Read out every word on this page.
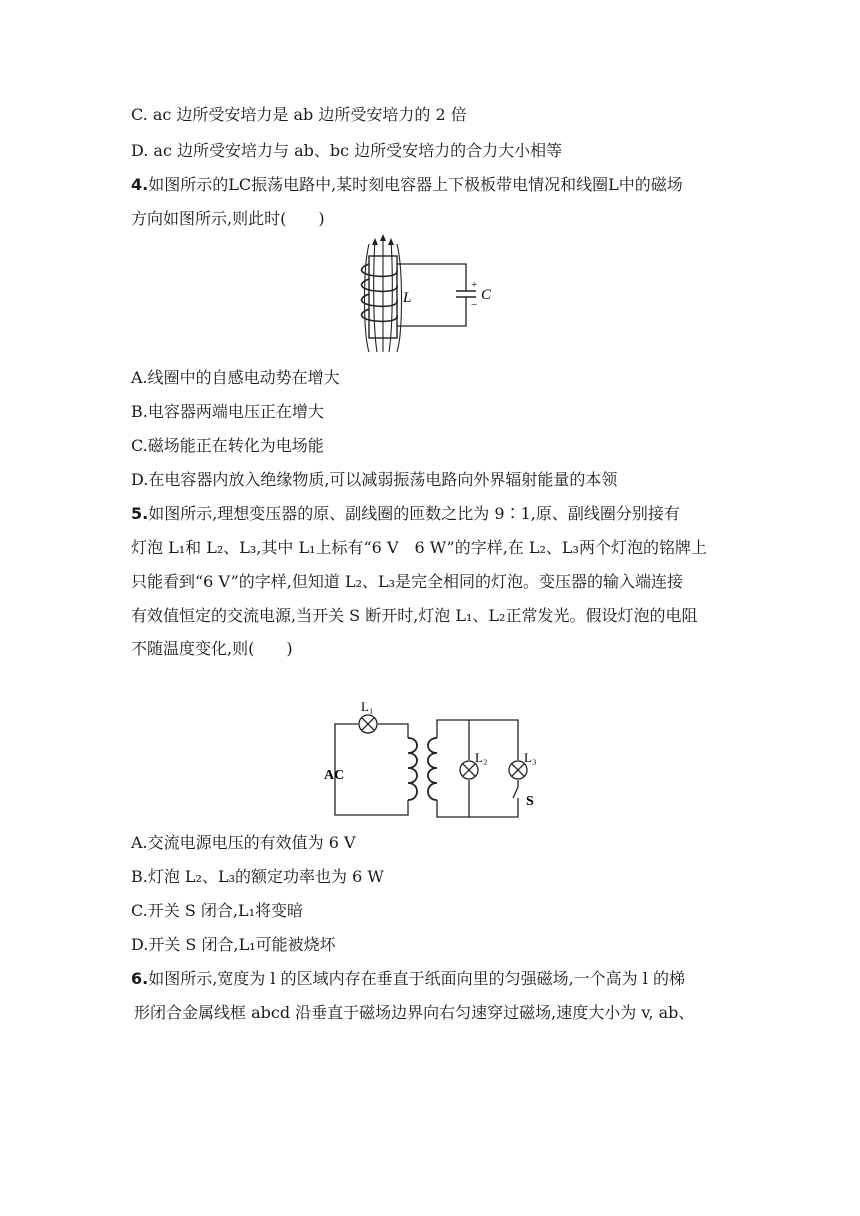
C. ac 边所受安培力是 ab 边所受安培力的 2 倍
D. ac 边所受安培力与 ab、bc 边所受安培力的合力大小相等
4.如图所示的LC振荡电路中,某时刻电容器上下极板带电情况和线圈L中的磁场
方向如图所示,则此时(　　)
L	C
+
−
A.线圈中的自感电动势在增大
B.电容器两端电压正在增大
C.磁场能正在转化为电场能
D.在电容器内放入绝缘物质,可以减弱振荡电路向外界辐射能量的本领
5.如图所示,理想变压器的原、副线圈的匝数之比为 9∶1,原、副线圈分别接有
灯泡 L₁和 L₂、L₃,其中 L₁上标有“6 V　6 W”的字样,在 L₂、L₃两个灯泡的铭牌上
只能看到“6 V”的字样,但知道 L₂、L₃是完全相同的灯泡。变压器的输入端连接
有效值恒定的交流电源,当开关 S 断开时,灯泡 L₁、L₂正常发光。假设灯泡的电阻
不随温度变化,则(　　)
L₁
L₂	L₃
AC
S
A.交流电源电压的有效值为 6 V
B.灯泡 L₂、L₃的额定功率也为 6 W
C.开关 S 闭合,L₁将变暗
D.开关 S 闭合,L₁可能被烧坏
6.如图所示,宽度为 l 的区域内存在垂直于纸面向里的匀强磁场,一个高为 l 的梯
形闭合金属线框 abcd 沿垂直于磁场边界向右匀速穿过磁场,速度大小为 v, ab、
